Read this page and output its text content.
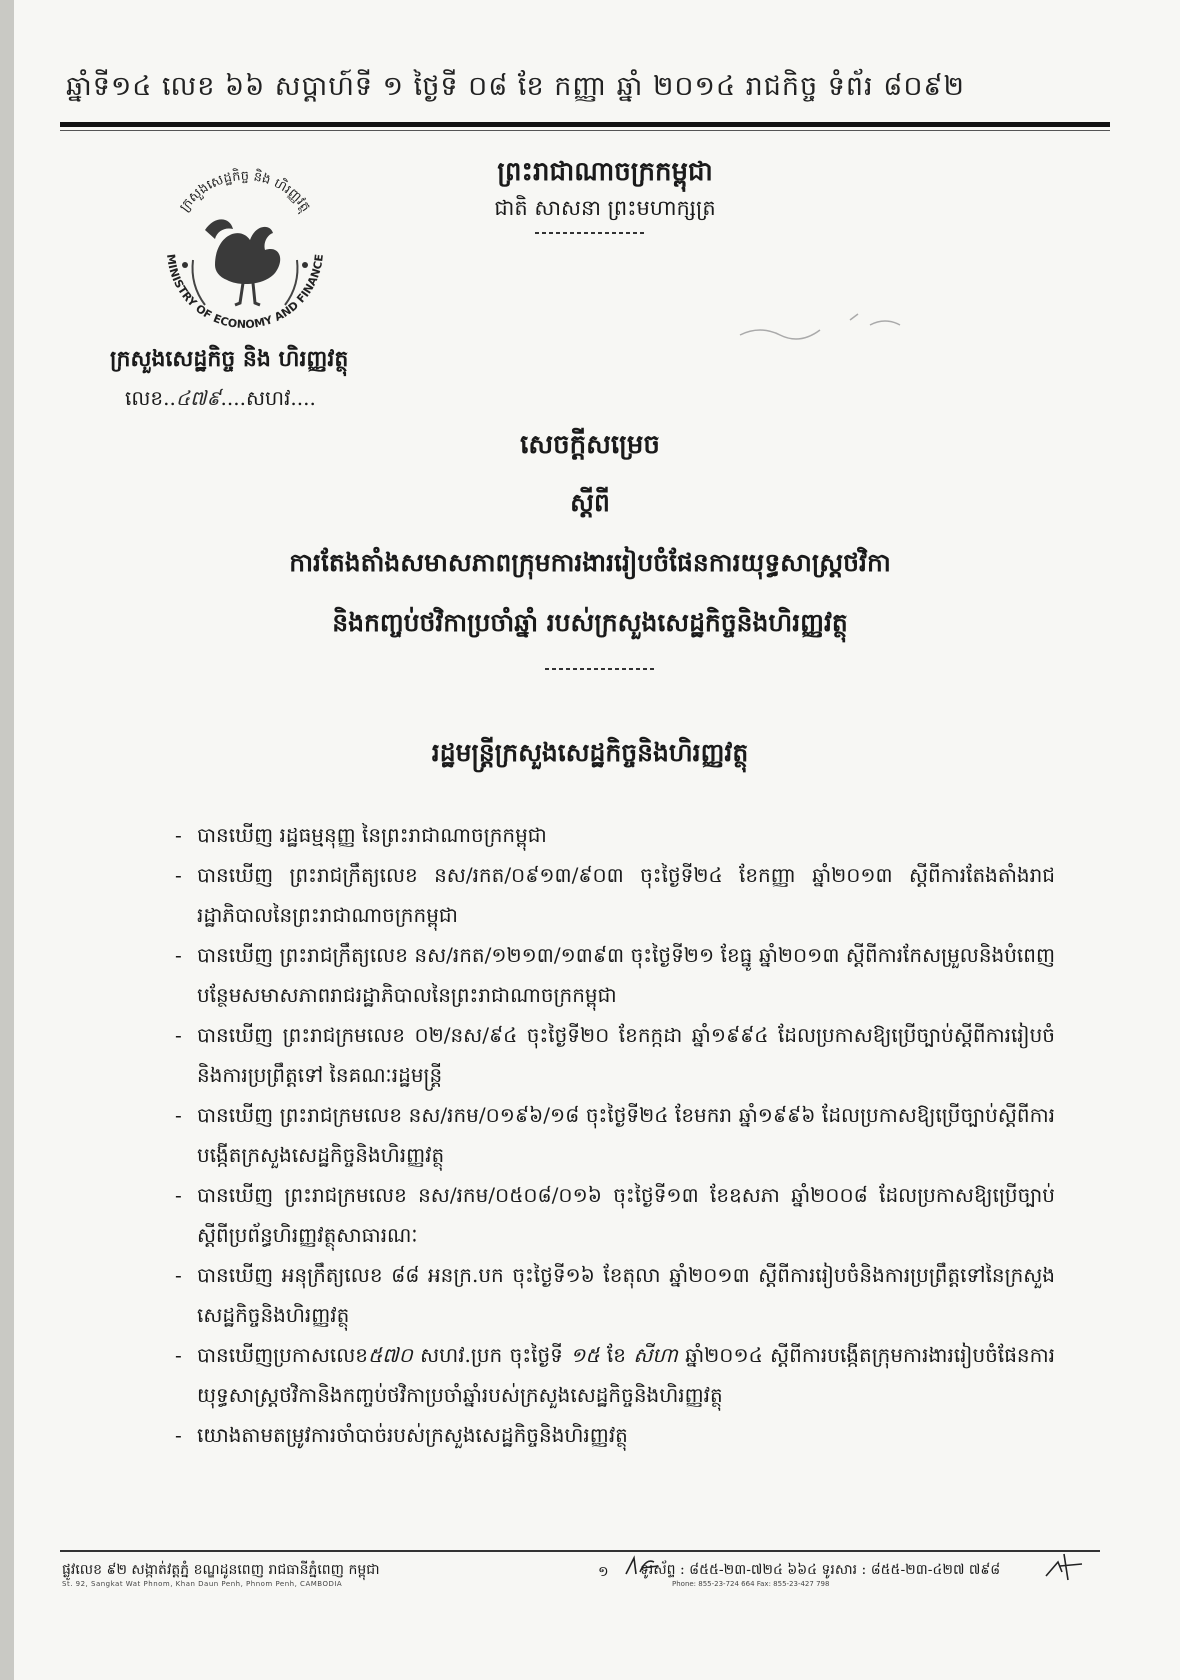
ឆ្នាំទី១៤ លេខ ៦៦ សប្តាហ៍ទី ១ ថ្ងៃទី ០៨ ខែ កញ្ញា ឆ្នាំ ២០១៤ រាជកិច្ច ទំព័រ ៨០៩២
ក្រសួងសេដ្ឋកិច្ច និង ហិរញ្ញវត្ថុ
MINISTRY OF ECONOMY AND FINANCE
ក្រសួងសេដ្ឋកិច្ច និង ហិរញ្ញវត្ថុ
លេខ..៤៧៩....សហវ....
ព្រះរាជាណាចក្រកម្ពុជា
ជាតិ សាសនា ព្រះមហាក្សត្រ
សេចក្តីសម្រេច
ស្តីពី
ការតែងតាំងសមាសភាពក្រុមការងាររៀបចំផែនការយុទ្ធសាស្ត្រថវិកា
និងកញ្ចប់ថវិកាប្រចាំឆ្នាំ របស់ក្រសួងសេដ្ឋកិច្ចនិងហិរញ្ញវត្ថុ
រដ្ឋមន្ត្រីក្រសួងសេដ្ឋកិច្ចនិងហិរញ្ញវត្ថុ
- បានឃើញ រដ្ឋធម្មនុញ្ញ នៃព្រះរាជាណាចក្រកម្ពុជា
- បានឃើញ ព្រះរាជក្រឹត្យលេខ នស/រកត/០៩១៣/៩០៣ ចុះថ្ងៃទី២៤ ខែកញ្ញា ឆ្នាំ២០១៣ ស្តីពីការតែងតាំងរាជរដ្ឋាភិបាលនៃព្រះរាជាណាចក្រកម្ពុជា
- បានឃើញ ព្រះរាជក្រឹត្យលេខ នស/រកត/១២១៣/១៣៩៣ ចុះថ្ងៃទី២១ ខែធ្នូ ឆ្នាំ២០១៣ ស្តីពីការកែសម្រួលនិងបំពេញបន្ថែមសមាសភាពរាជរដ្ឋាភិបាលនៃព្រះរាជាណាចក្រកម្ពុជា
- បានឃើញ ព្រះរាជក្រមលេខ ០២/នស/៩៤ ចុះថ្ងៃទី២០ ខែកក្កដា ឆ្នាំ១៩៩៤ ដែលប្រកាសឱ្យប្រើច្បាប់ស្តីពីការរៀបចំនិងការប្រព្រឹត្តទៅ នៃគណៈរដ្ឋមន្ត្រី
- បានឃើញ ព្រះរាជក្រមលេខ នស/រកម/០១៩៦/១៨ ចុះថ្ងៃទី២៤ ខែមករា ឆ្នាំ១៩៩៦ ដែលប្រកាសឱ្យប្រើច្បាប់ស្តីពីការបង្កើតក្រសួងសេដ្ឋកិច្ចនិងហិរញ្ញវត្ថុ
- បានឃើញ ព្រះរាជក្រមលេខ នស/រកម/០៥០៨/០១៦ ចុះថ្ងៃទី១៣ ខែឧសភា ឆ្នាំ២០០៨ ដែលប្រកាសឱ្យប្រើច្បាប់ស្តីពីប្រព័ន្ធហិរញ្ញវត្ថុសាធារណៈ
- បានឃើញ អនុក្រឹត្យលេខ ៨៨ អនក្រ.បក ចុះថ្ងៃទី១៦ ខែតុលា ឆ្នាំ២០១៣ ស្តីពីការរៀបចំនិងការប្រព្រឹត្តទៅនៃក្រសួងសេដ្ឋកិច្ចនិងហិរញ្ញវត្ថុ
- បានឃើញប្រកាសលេខ៥៧០ សហវ.ប្រក ចុះថ្ងៃទី ១៥ ខែ សីហា ឆ្នាំ២០១៤ ស្តីពីការបង្កើតក្រុមការងាររៀបចំផែនការយុទ្ធសាស្ត្រថវិកានិងកញ្ចប់ថវិកាប្រចាំឆ្នាំរបស់ក្រសួងសេដ្ឋកិច្ចនិងហិរញ្ញវត្ថុ
- យោងតាមតម្រូវការចាំបាច់របស់ក្រសួងសេដ្ឋកិច្ចនិងហិរញ្ញវត្ថុ
ផ្លូវលេខ ៩២ សង្កាត់វត្តភ្នំ ខណ្ឌដូនពេញ រាជធានីភ្នំពេញ កម្ពុជា
St. 92, Sangkat Wat Phnom, Khan Daun Penh, Phnom Penh, CAMBODIA
១	ទូរស័ព្ទ : ៨៥៥-២៣-៧២៤ ៦៦៤ ទូរសារ : ៨៥៥-២៣-៤២៧ ៧៩៨
Phone: 855-23-724 664 Fax: 855-23-427 798
